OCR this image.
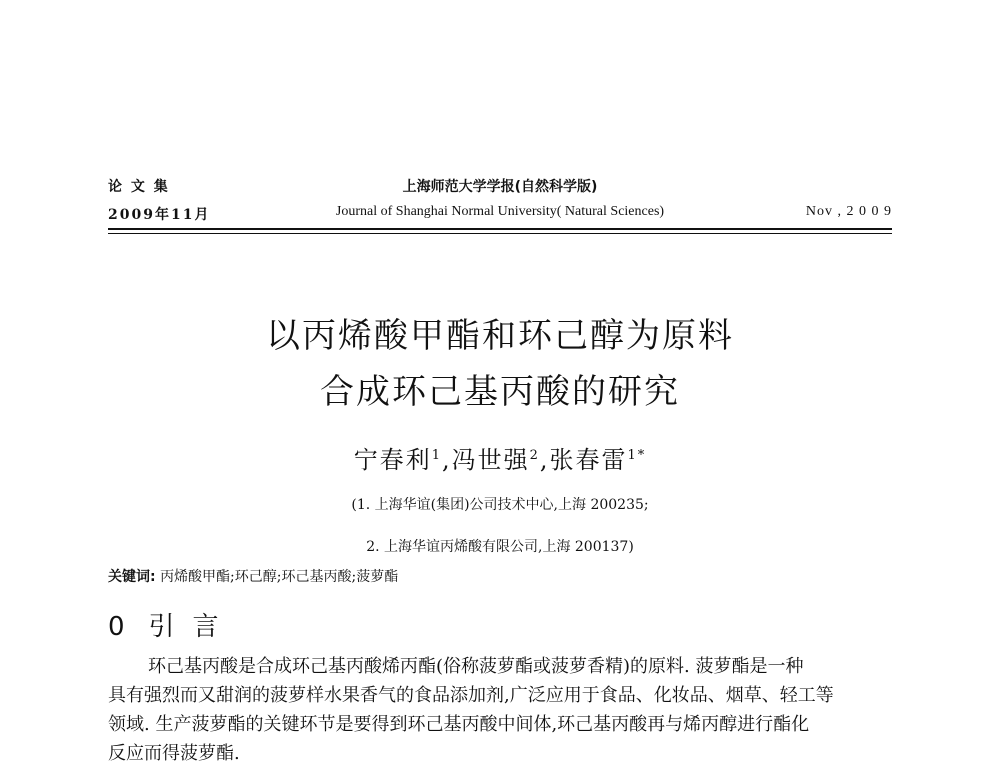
论 文 集	上海师范大学学报(自然科学版)
2009年11月	Journal of Shanghai Normal University( Natural Sciences)	Nov , 2 0 0 9
以丙烯酸甲酯和环己醇为原料
合成环己基丙酸的研究
宁春利$^1$,冯世强$^2$,张春雷$^{1*}$
(1. 上海华谊(集团)公司技术中心,上海 200235;
2. 上海华谊丙烯酸有限公司,上海 200137)
关键词: 丙烯酸甲酯;环己醇;环己基丙酸;菠萝酯
0 引言
环己基丙酸是合成环己基丙酸烯丙酯(俗称菠萝酯或菠萝香精)的原料. 菠萝酯是一种
具有强烈而又甜润的菠萝样水果香气的食品添加剂,广泛应用于食品、化妆品、烟草、轻工等
领域. 生产菠萝酯的关键环节是要得到环己基丙酸中间体,环己基丙酸再与烯丙醇进行酯化
反应而得菠萝酯.
